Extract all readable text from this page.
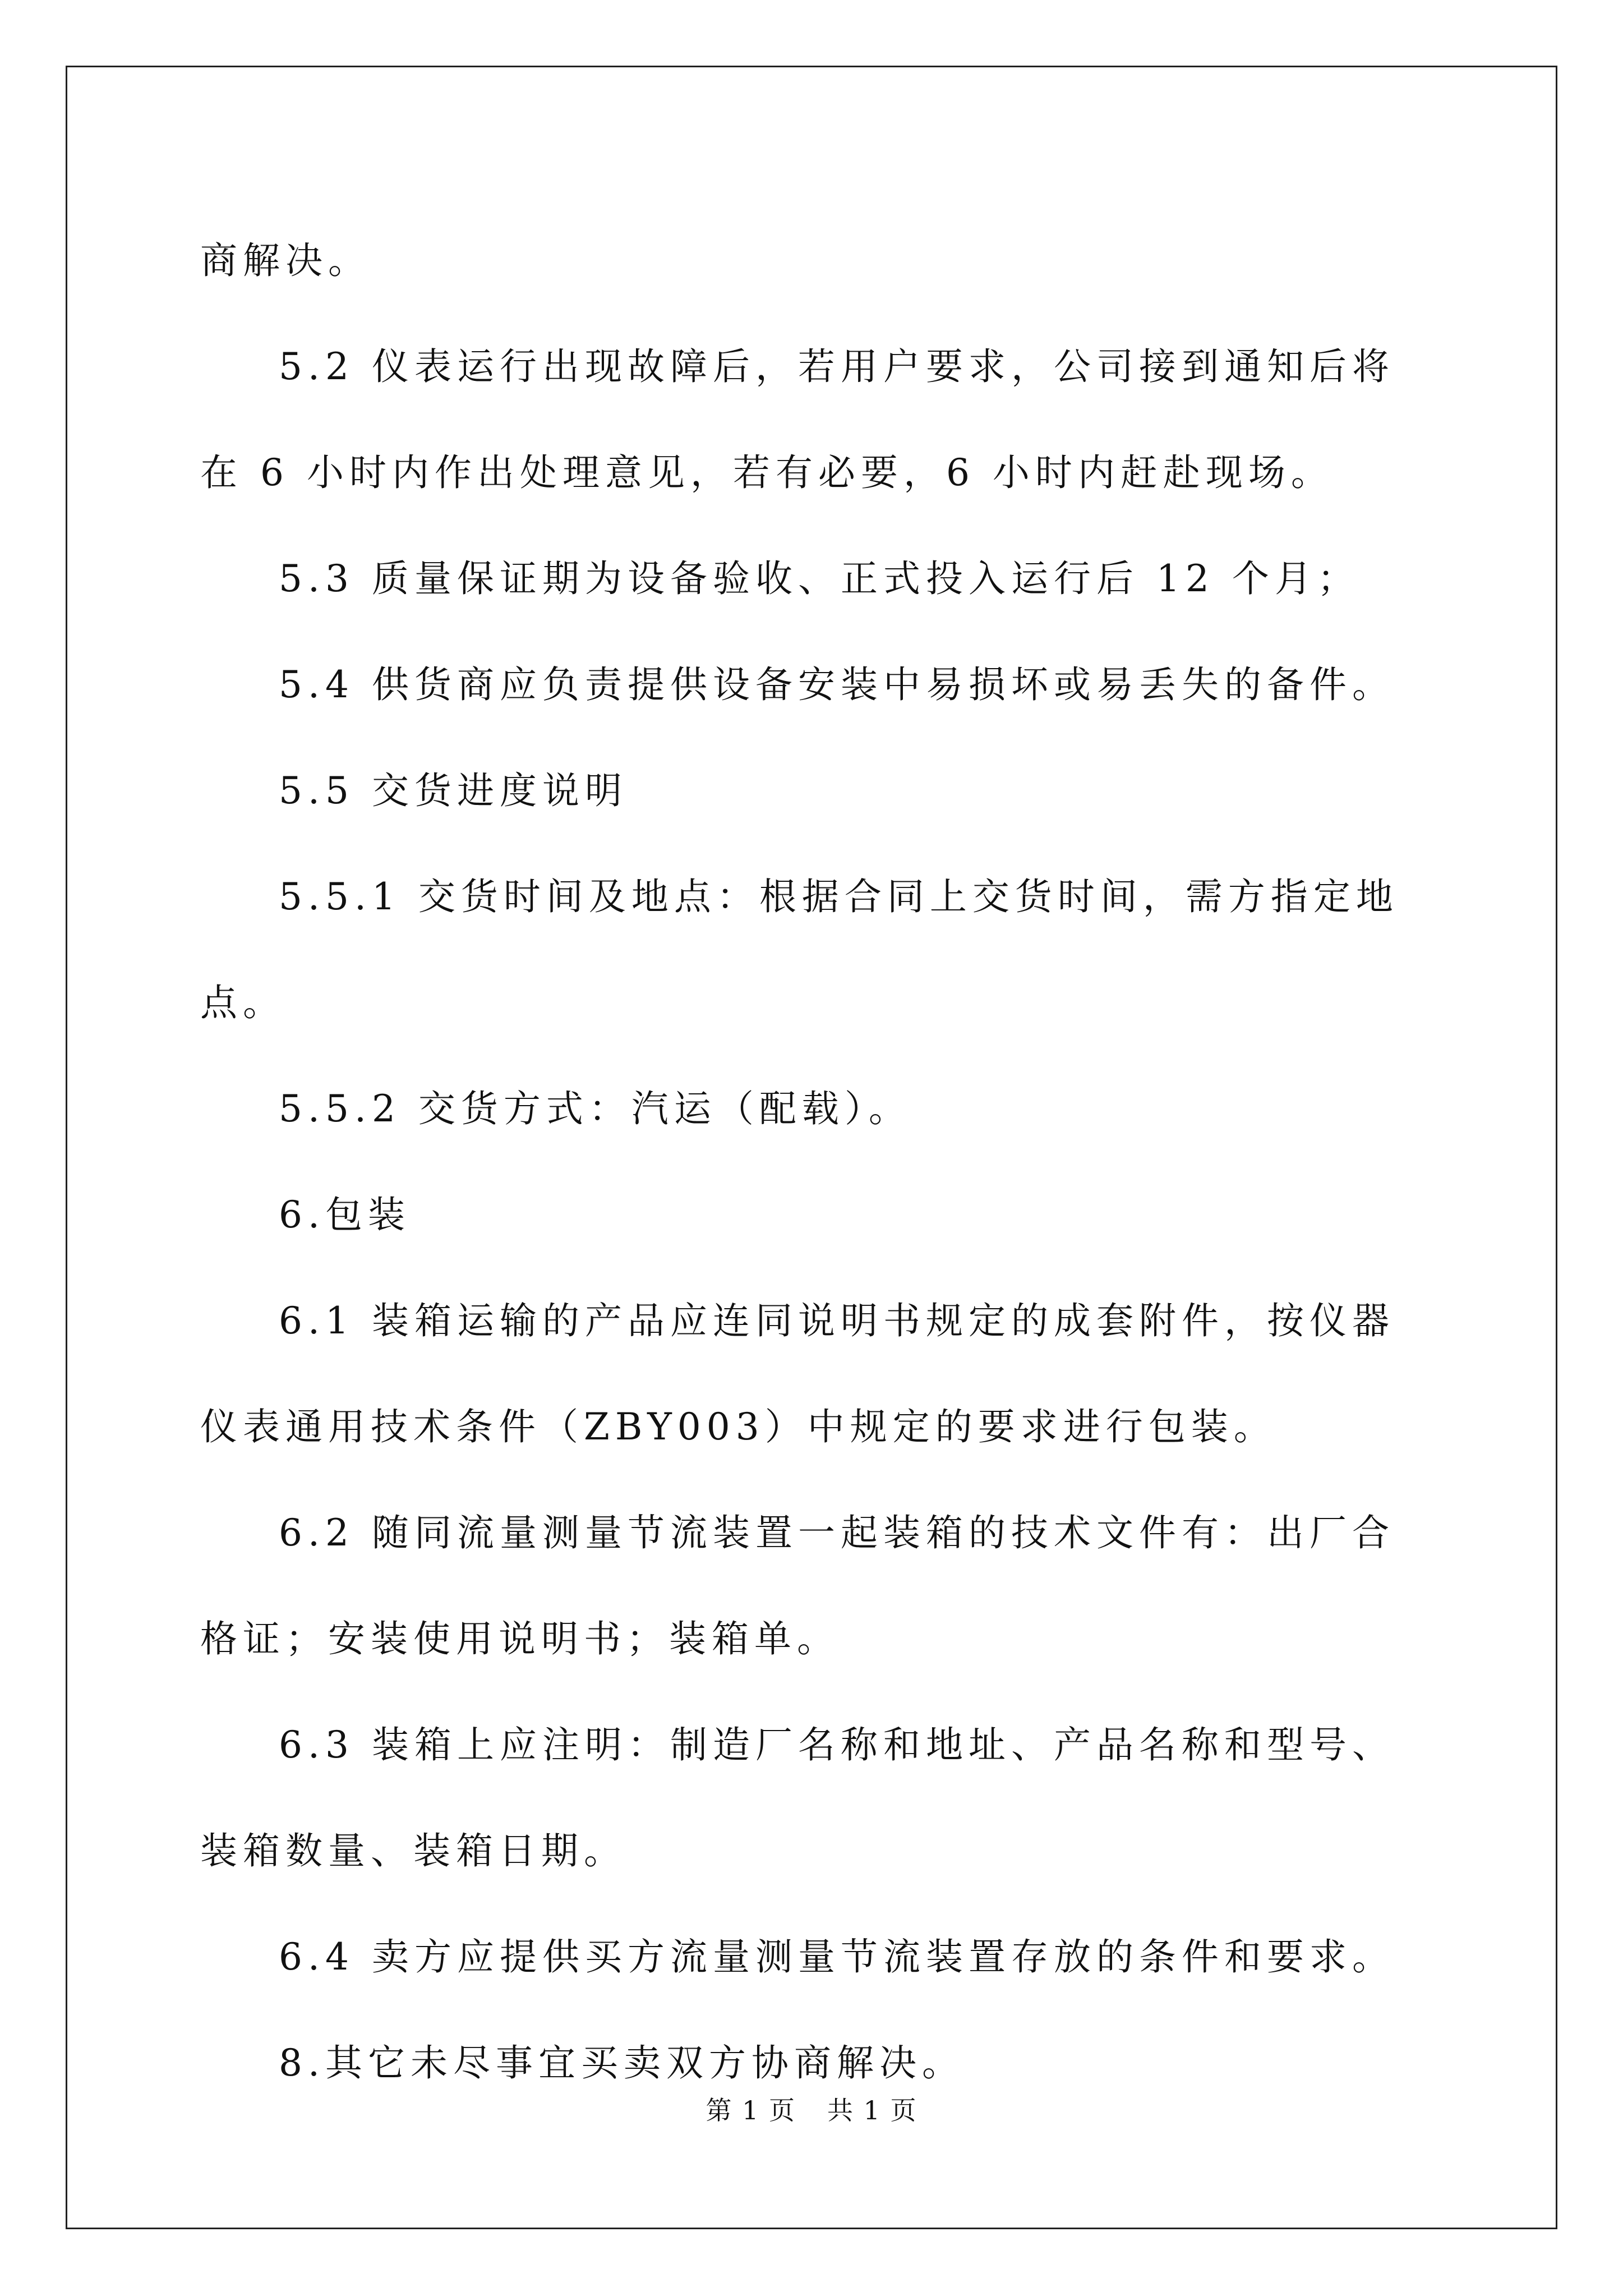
商解决。

5.2 仪表运行出现故障后，若用户要求，公司接到通知后将在 6 小时内作出处理意见，若有必要，6 小时内赶赴现场。

5.3 质量保证期为设备验收、正式投入运行后 12 个月；

5.4 供货商应负责提供设备安装中易损坏或易丢失的备件。

5.5 交货进度说明

5.5.1 交货时间及地点：根据合同上交货时间，需方指定地点。

5.5.2 交货方式：汽运（配载）。

6.包装

6.1 装箱运输的产品应连同说明书规定的成套附件，按仪器仪表通用技术条件（ZBY003）中规定的要求进行包装。

6.2 随同流量测量节流装置一起装箱的技术文件有：出厂合格证；安装使用说明书；装箱单。

6.3 装箱上应注明：制造厂名称和地址、产品名称和型号、装箱数量、装箱日期。

6.4 卖方应提供买方流量测量节流装置存放的条件和要求。

8.其它未尽事宜买卖双方协商解决。

第 1 页 共 1 页
